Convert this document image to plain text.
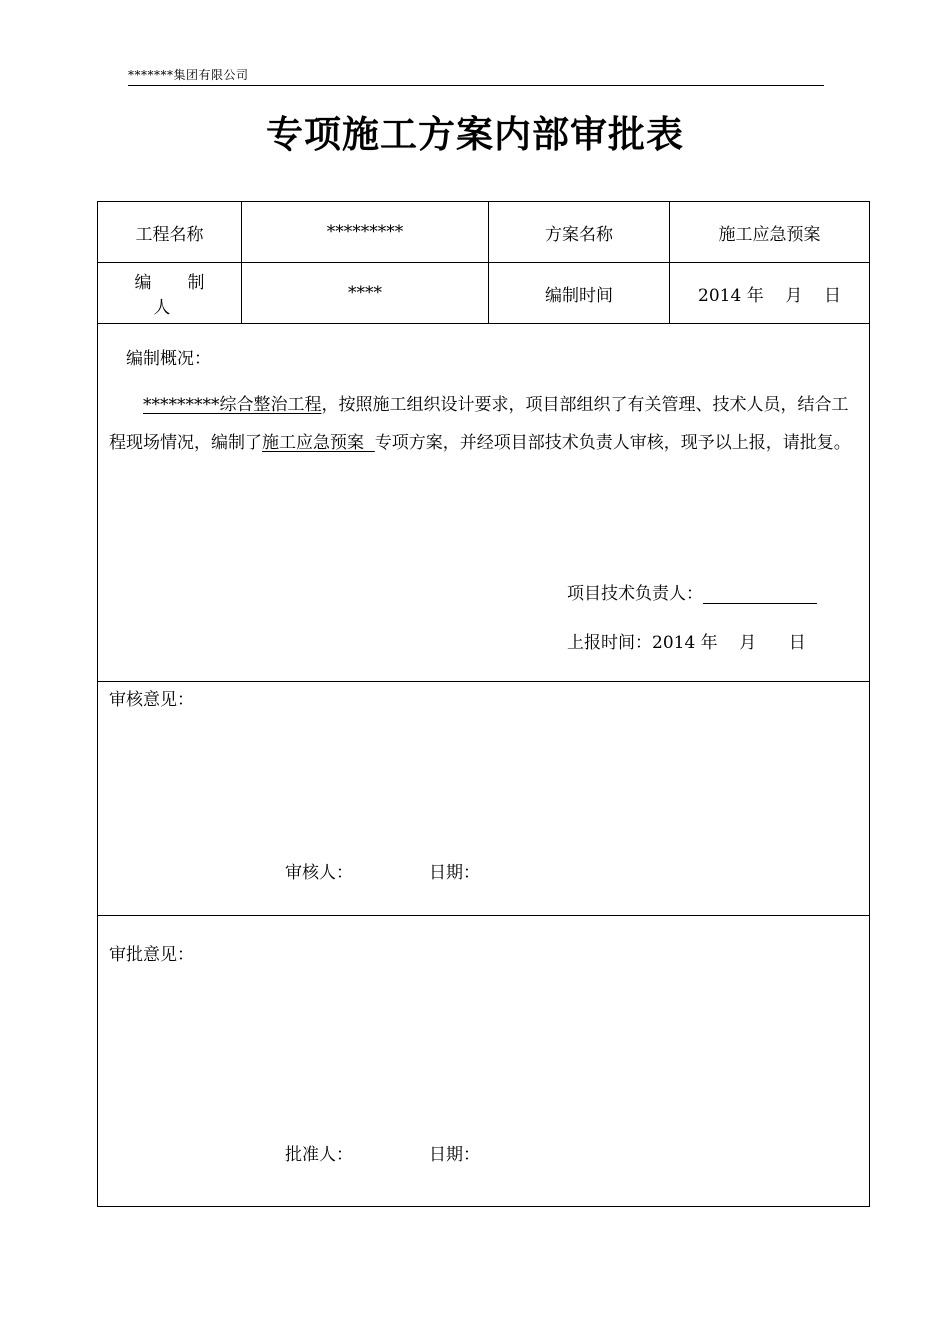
*******集团有限公司
专项施工方案内部审批表
工程名称	*********	方案名称	施工应急预案
编 制 人	****	编制时间	2014 年    月    日

编制概况：
*********综合整治工程，按照施工组织设计要求，项目部组织了有关管理、技术人员，结合工程现场情况，编制了施工应急预案  专项方案，并经项目部技术负责人审核，现予以上报，请批复。
项目技术负责人：
上报时间：2014 年    月      日			

审核意见：
审核人： 日期：			

审批意见：
批准人： 日期：			
